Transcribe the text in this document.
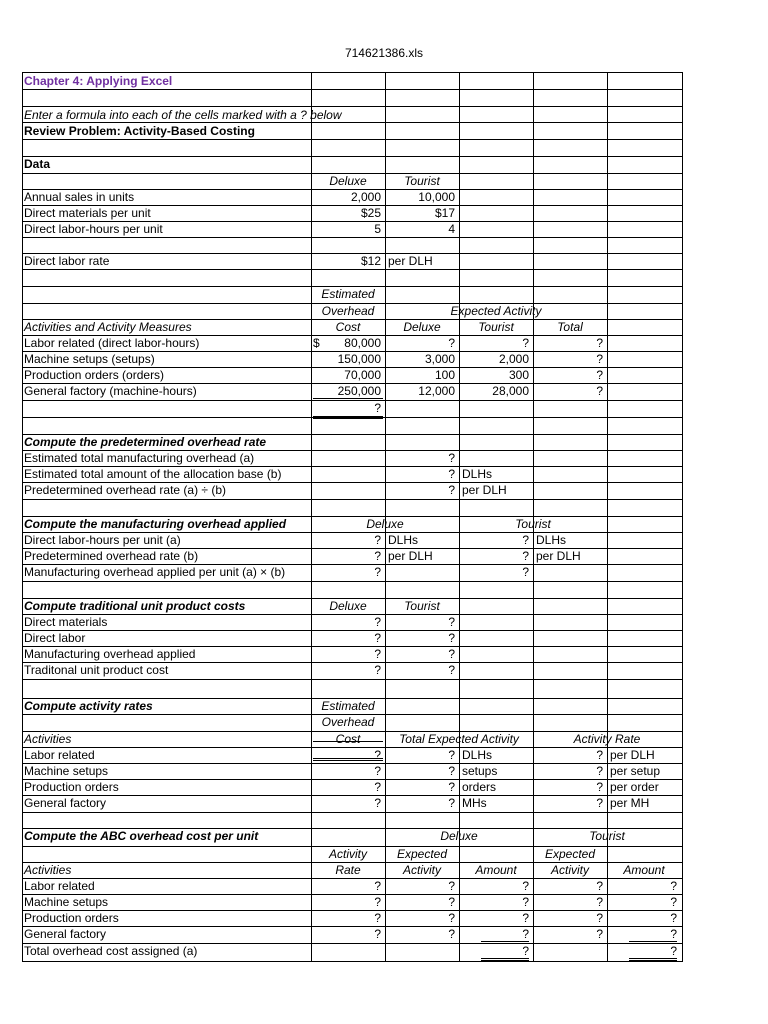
714621386.xls
Chapter 4: Applying Excel
Enter a formula into each of the cells marked with a ? below
Review Problem: Activity-Based Costing
Data
Deluxe	Tourist
Annual sales in units	2,000	10,000
Direct materials per unit	$25	$17
Direct labor-hours per unit	5	4
Direct labor rate	$12 per DLH
Estimated
Overhead	Expected Activity
Cost	Deluxe	Tourist	Total
Activities and Activity Measures
Labor related (direct labor-hours)	$	80,000	?	?	?
Machine setups (setups)	150,000	3,000	2,000	?
Production orders (orders)	70,000	100	300	?
General factory (machine-hours)	250,000	12,000	28,000	?
?
Compute the predetermined overhead rate
Estimated total manufacturing overhead (a)	?
Estimated total amount of the allocation base (b)	? DLHs
Predetermined overhead rate (a) ÷ (b)	? per DLH
Compute the manufacturing overhead applied	Deluxe	Tourist
Direct labor-hours per unit (a)	? DLHs	? DLHs
Predetermined overhead rate (b)	? per DLH	? per DLH
Manufacturing overhead applied per unit (a) × (b)	?	?
Compute traditional unit product costs	Deluxe	Tourist
Direct materials	?	?
Direct labor	?	?
Manufacturing overhead applied	?	?
Traditonal unit product cost	?	?
Compute activity rates	Estimated
Overhead
Cost	Total Expected Activity	Activity Rate
Activities
Labor related	?	? DLHs	? per DLH
Machine setups	?	? setups	? per setup
Production orders	?	? orders	? per order
General factory	?	? MHs	? per MH
Compute the ABC overhead cost per unit	Deluxe	Tourist
Activity	Expected	Expected
Activities	Rate	Activity	Amount	Activity	Amount
Labor related	?	?	?	?	?
Machine setups	?	?	?	?	?
Production orders	?	?	?	?	?
General factory	?	?	?	?	?
Total overhead cost assigned (a)	?	?
